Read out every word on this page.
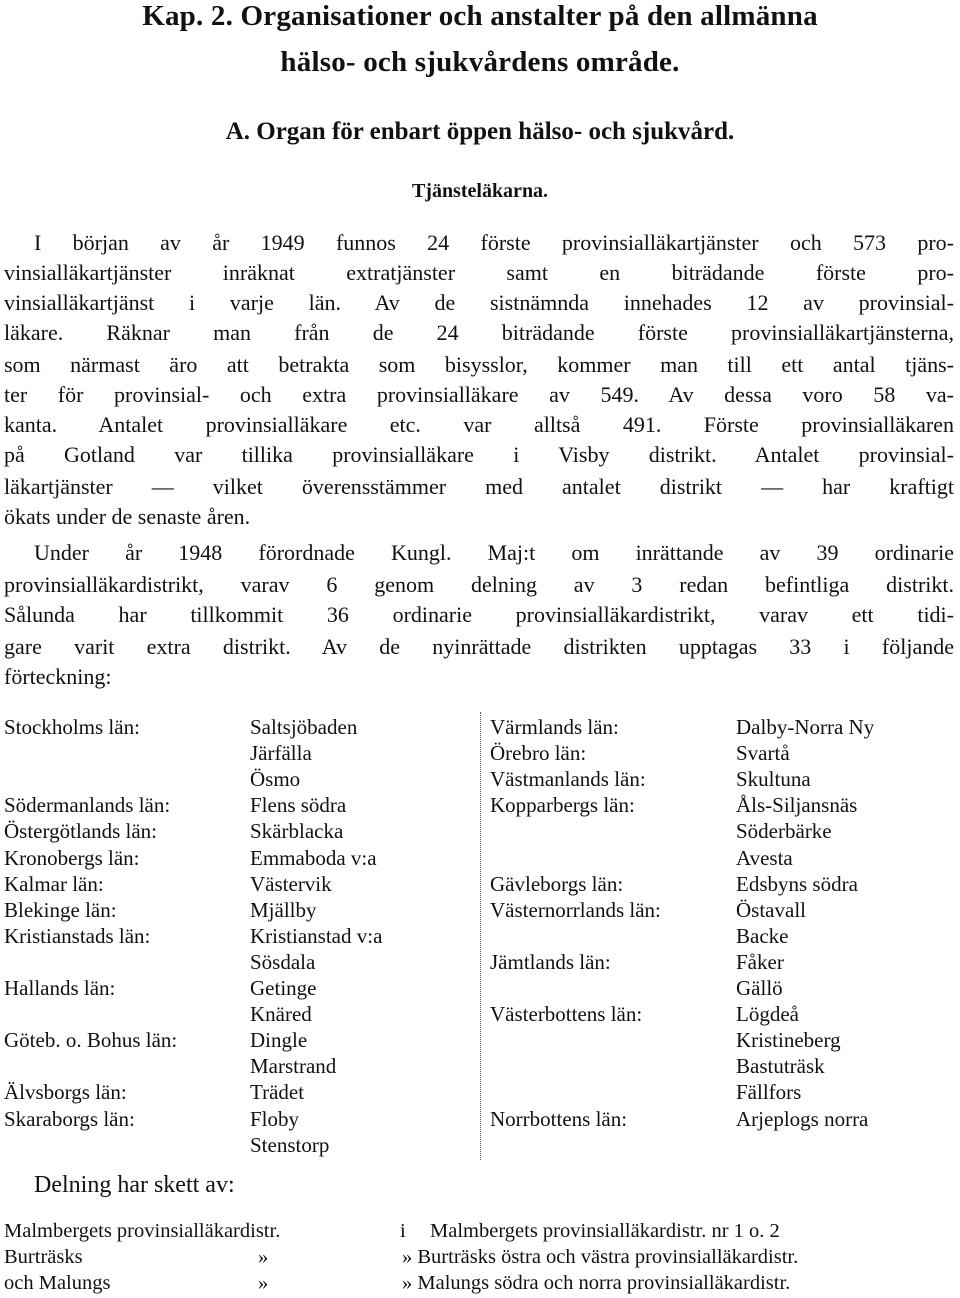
Kap. 2. Organisationer och anstalter på den allmänna
hälso- och sjukvårdens område.
A. Organ för enbart öppen hälso- och sjukvård.
Tjänsteläkarna.
I början av år 1949 funnos 24 förste provinsialläkartjänster och 573 pro-
vinsialläkartjänster inräknat extratjänster samt en biträdande förste pro-
vinsialläkartjänst i varje län. Av de sistnämnda innehades 12 av provinsial-
läkare. Räknar man från de 24 biträdande förste provinsialläkartjänsterna,
som närmast äro att betrakta som bisysslor, kommer man till ett antal tjäns-
ter för provinsial- och extra provinsialläkare av 549. Av dessa voro 58 va-
kanta. Antalet provinsialläkare etc. var alltså 491. Förste provinsialläkaren
på Gotland var tillika provinsialläkare i Visby distrikt. Antalet provinsial-
läkartjänster — vilket överensstämmer med antalet distrikt — har kraftigt
ökats under de senaste åren.
Under år 1948 förordnade Kungl. Maj:t om inrättande av 39 ordinarie
provinsialläkardistrikt, varav 6 genom delning av 3 redan befintliga distrikt.
Sålunda har tillkommit 36 ordinarie provinsialläkardistrikt, varav ett tidi-
gare varit extra distrikt. Av de nyinrättade distrikten upptagas 33 i följande
förteckning:
Stockholms län:	Saltsjöbaden
Järfälla
Ösmo
Södermanlands län:	Flens södra
Östergötlands län:	Skärblacka
Kronobergs län:	Emmaboda v:a
Kalmar län:	Västervik
Blekinge län:	Mjällby
Kristianstads län:	Kristianstad v:a
Sösdala
Hallands län:	Getinge
Knäred
Göteb. o. Bohus län:	Dingle
Marstrand
Älvsborgs län:	Trädet
Skaraborgs län:	Floby
Stenstorp
Värmlands län:	Dalby-Norra Ny
Örebro län:	Svartå
Västmanlands län:	Skultuna
Kopparbergs län:	Åls-Siljansnäs
Söderbärke
Avesta
Gävleborgs län:	Edsbyns södra
Västernorrlands län:	Östavall
Backe
Jämtlands län:	Fåker
Gällö
Västerbottens län:	Lögdeå
Kristineberg
Bastuträsk
Fällfors
Norrbottens län:	Arjeplogs norra
Delning har skett av:
Malmbergets provinsialläkardistr.	i Malmbergets provinsialläkardistr. nr 1 o. 2
Burträsks	»	» Burträsks östra och västra provinsialläkardistr.
och Malungs	»	» Malungs södra och norra provinsialläkardistr.
